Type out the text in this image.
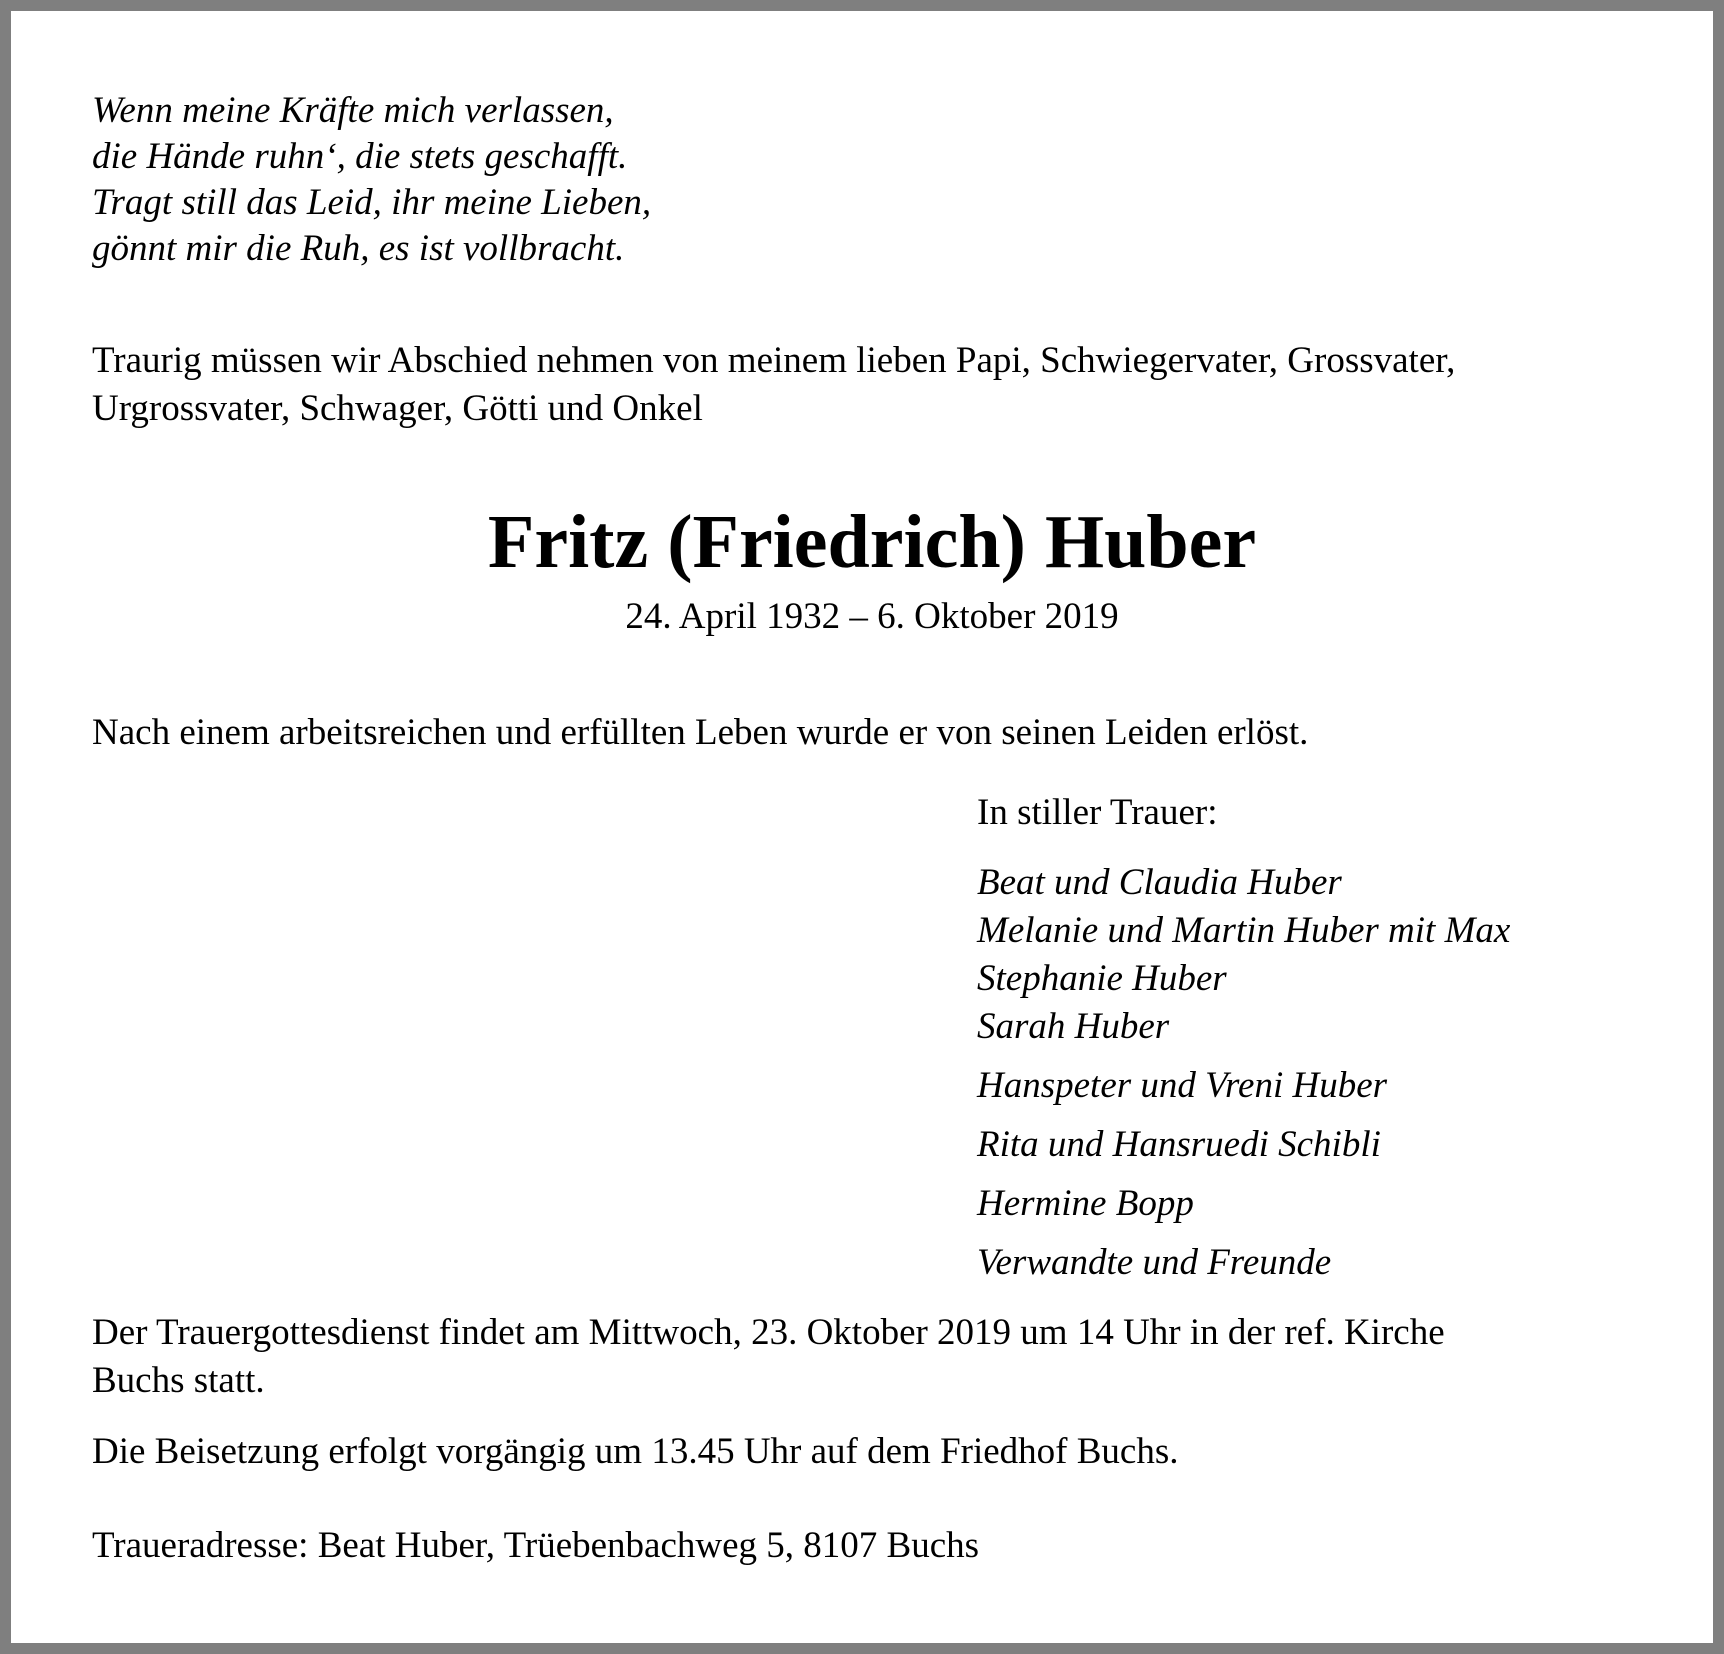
Wenn meine Kräfte mich verlassen,
die Hände ruhn‘, die stets geschafft.
Tragt still das Leid, ihr meine Lieben,
gönnt mir die Ruh, es ist vollbracht.
Traurig müssen wir Abschied nehmen von meinem lieben Papi, Schwiegervater, Grossvater,
Urgrossvater, Schwager, Götti und Onkel
Fritz (Friedrich) Huber
24. April 1932 – 6. Oktober 2019
Nach einem arbeitsreichen und erfüllten Leben wurde er von seinen Leiden erlöst.
In stiller Trauer:
Beat und Claudia Huber
Melanie und Martin Huber mit Max
Stephanie Huber
Sarah Huber
Hanspeter und Vreni Huber
Rita und Hansruedi Schibli
Hermine Bopp
Verwandte und Freunde
Der Trauergottesdienst findet am Mittwoch, 23. Oktober 2019 um 14 Uhr in der ref. Kirche
Buchs statt.
Die Beisetzung erfolgt vorgängig um 13.45 Uhr auf dem Friedhof Buchs.
Traueradresse: Beat Huber, Trüebenbachweg 5, 8107 Buchs
